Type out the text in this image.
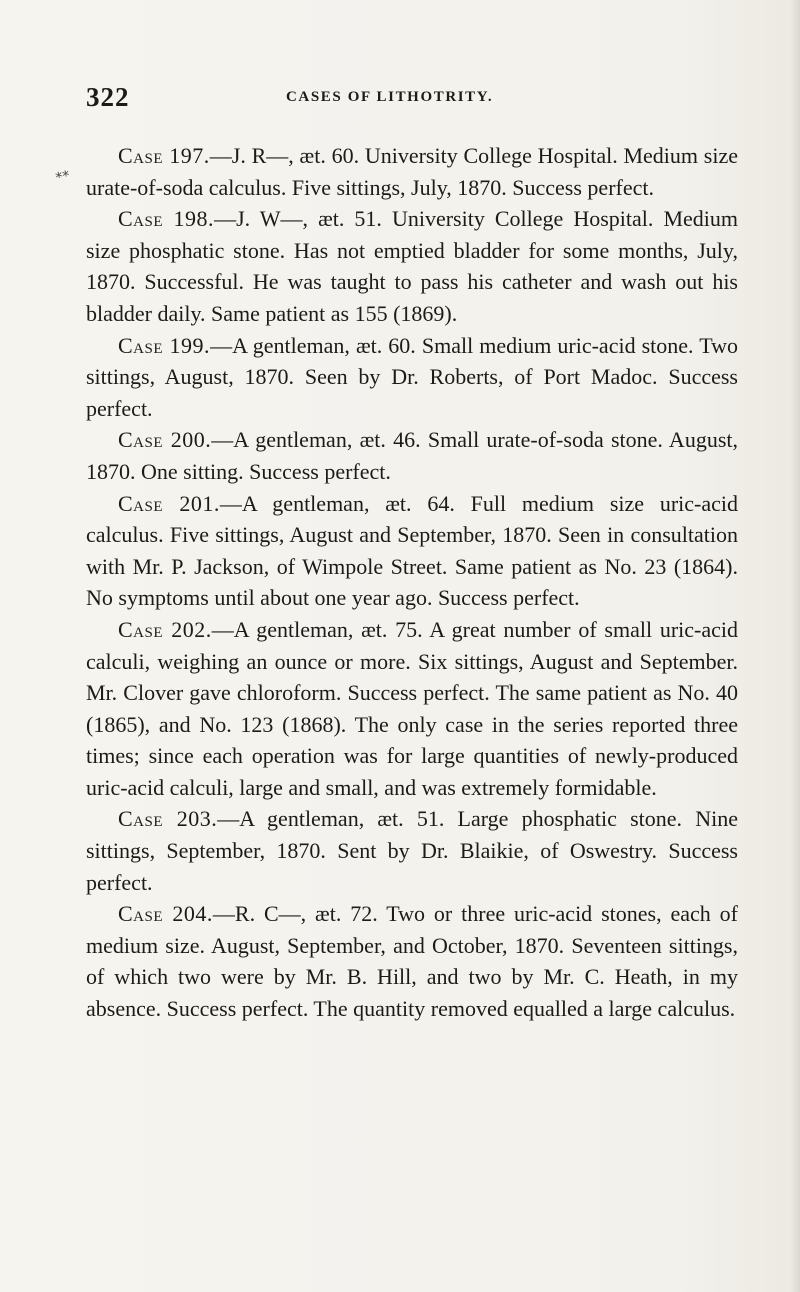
322	CASES OF LITHOTRITY.
⁎⁎

Case 197.—J. R—, æt. 60. University College Hospital. Medium size urate-of-soda calculus. Five sittings, July, 1870. Success perfect.

Case 198.—J. W—, æt. 51. University College Hospital. Medium size phosphatic stone. Has not emptied bladder for some months, July, 1870. Successful. He was taught to pass his catheter and wash out his bladder daily. Same patient as 155 (1869).

Case 199.—A gentleman, æt. 60. Small medium uric-acid stone. Two sittings, August, 1870. Seen by Dr. Roberts, of Port Madoc. Success perfect.

Case 200.—A gentleman, æt. 46. Small urate-of-soda stone. August, 1870. One sitting. Success perfect.

Case 201.—A gentleman, æt. 64. Full medium size uric-acid calculus. Five sittings, August and September, 1870. Seen in consultation with Mr. P. Jackson, of Wimpole Street. Same patient as No. 23 (1864). No symptoms until about one year ago. Success perfect.

Case 202.—A gentleman, æt. 75. A great number of small uric-acid calculi, weighing an ounce or more. Six sittings, August and September. Mr. Clover gave chloroform. Success perfect. The same patient as No. 40 (1865), and No. 123 (1868). The only case in the series reported three times; since each operation was for large quantities of newly-produced uric-acid calculi, large and small, and was extremely formidable.

Case 203.—A gentleman, æt. 51. Large phosphatic stone. Nine sittings, September, 1870. Sent by Dr. Blaikie, of Oswestry. Success perfect.

Case 204.—R. C—, æt. 72. Two or three uric-acid stones, each of medium size. August, September, and October, 1870. Seventeen sittings, of which two were by Mr. B. Hill, and two by Mr. C. Heath, in my absence. Success perfect. The quantity removed equalled a large calculus.
